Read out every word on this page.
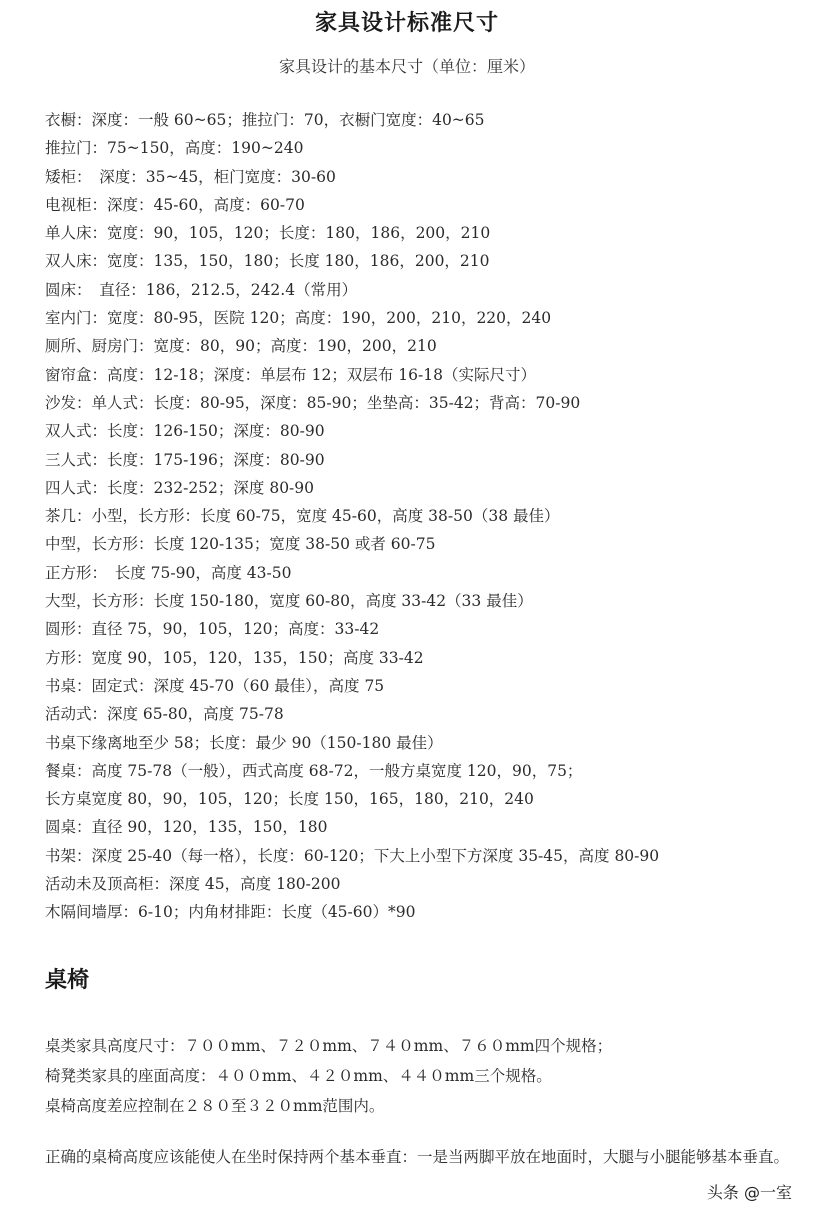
家具设计标准尺寸
家具设计的基本尺寸（单位：厘米）
衣橱：深度：一般 60~65；推拉门：70，衣橱门宽度：40~65
推拉门：75~150，高度：190~240
矮柜：　深度：35~45，柜门宽度：30-60
电视柜：深度：45-60，高度：60-70
单人床：宽度：90，105，120；长度：180，186，200，210
双人床：宽度：135，150，180；长度 180，186，200，210
圆床：　直径：186，212.5，242.4（常用）
室内门：宽度：80-95，医院 120；高度：190，200，210，220，240
厕所、厨房门：宽度：80，90；高度：190，200，210
窗帘盒：高度：12-18；深度：单层布 12；双层布 16-18（实际尺寸）
沙发：单人式：长度：80-95，深度：85-90；坐垫高：35-42；背高：70-90
双人式：长度：126-150；深度：80-90
三人式：长度：175-196；深度：80-90
四人式：长度：232-252；深度 80-90
茶几：小型，长方形：长度 60-75，宽度 45-60，高度 38-50（38 最佳）
中型，长方形：长度 120-135；宽度 38-50 或者 60-75
正方形：　长度 75-90，高度 43-50
大型，长方形：长度 150-180，宽度 60-80，高度 33-42（33 最佳）
圆形：直径 75，90，105，120；高度：33-42
方形：宽度 90，105，120，135，150；高度 33-42
书桌：固定式：深度 45-70（60 最佳），高度 75
活动式：深度 65-80，高度 75-78
书桌下缘离地至少 58；长度：最少 90（150-180 最佳）
餐桌：高度 75-78（一般），西式高度 68-72，一般方桌宽度 120，90，75；
长方桌宽度 80，90，105，120；长度 150，165，180，210，240
圆桌：直径 90，120，135，150，180
书架：深度 25-40（每一格），长度：60-120；下大上小型下方深度 35-45，高度 80-90
活动未及顶高柜：深度 45，高度 180-200
木隔间墙厚：6-10；内角材排距：长度（45-60）*90
桌椅
桌类家具高度尺寸：７００mm、７２０mm、７４０mm、７６０mm四个规格；
椅凳类家具的座面高度：４００mm、４２０mm、４４０mm三个规格。
桌椅高度差应控制在２８０至３２０mm范围内。
正确的桌椅高度应该能使人在坐时保持两个基本垂直：一是当两脚平放在地面时，大腿与小腿能够基本垂直。
头条 @一室
